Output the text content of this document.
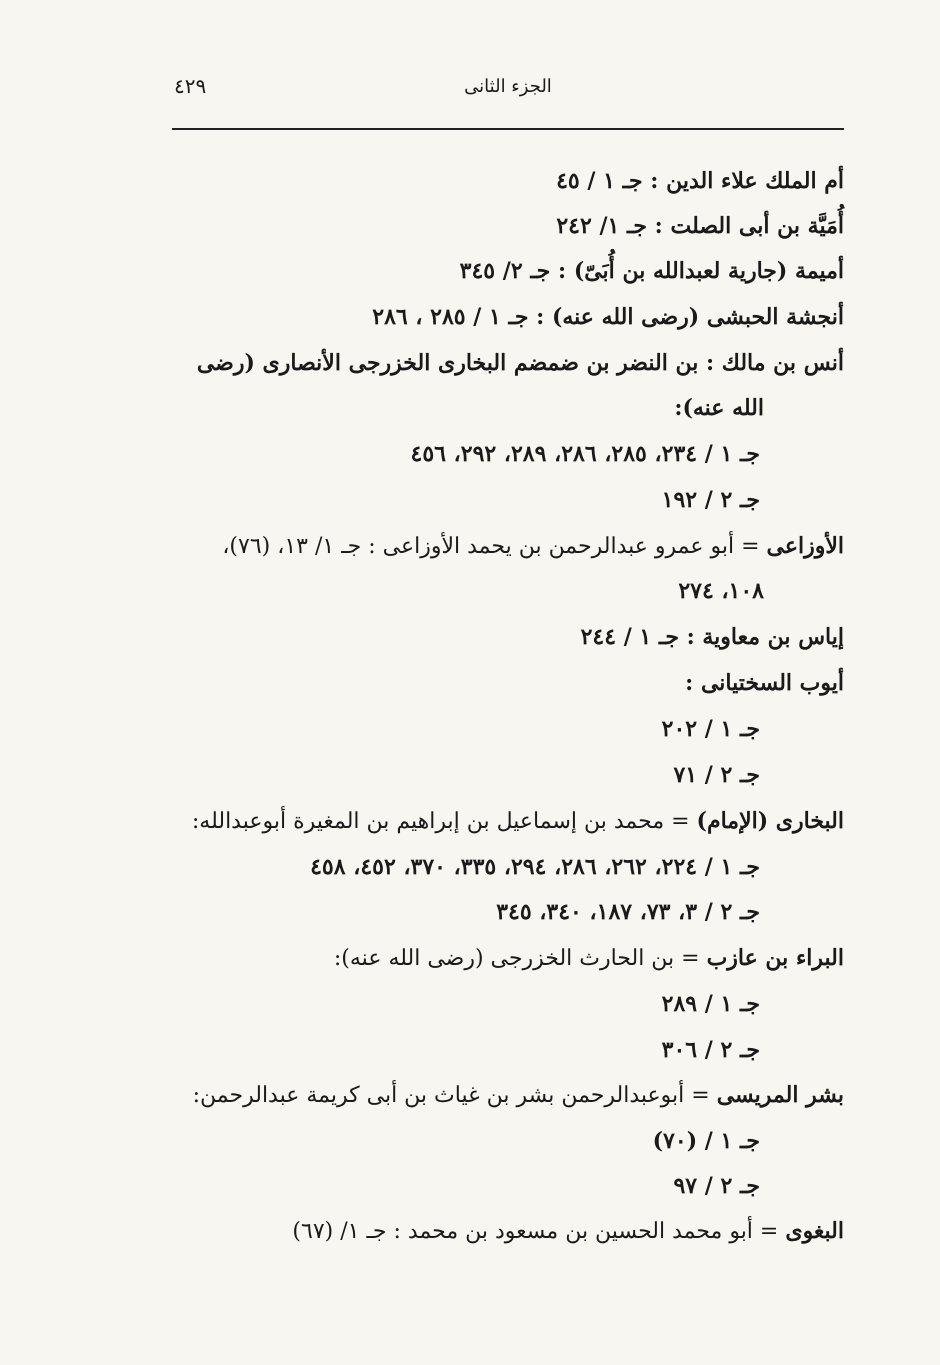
٤٢٩	الجزء الثانى
أم الملك علاء الدين : جـ ١ / ٤٥
أُمَيَّة بن أبى الصلت : جـ ١/ ٢٤٢
أميمة (جارية لعبدالله بن أُبَىّ) : جـ ٢/ ٣٤٥
أنجشة الحبشى (رضى الله عنه) : جـ ١ / ٢٨٥ ، ٢٨٦
أنس بن مالك : بن النضر بن ضمضم البخارى الخزرجى الأنصارى (رضى
الله عنه):
جـ ١ / ٢٣٤، ٢٨٥، ٢٨٦، ٢٨٩، ٢٩٢، ٤٥٦
جـ ٢ / ١٩٢
الأوزاعى = أبو عمرو عبدالرحمن بن يحمد الأوزاعى : جـ ١/ ١٣، (٧٦)،
١٠٨، ٢٧٤
إياس بن معاوية : جـ ١ / ٢٤٤
أيوب السختيانى :
جـ ١ / ٢٠٢
جـ ٢ / ٧١
البخارى (الإمام) = محمد بن إسماعيل بن إبراهيم بن المغيرة أبوعبدالله:
جـ ١ / ٢٢٤، ٢٦٢، ٢٨٦، ٢٩٤، ٣٣٥، ٣٧٠، ٤٥٢، ٤٥٨
جـ ٢ / ٣، ٧٣، ١٨٧، ٣٤٠، ٣٤٥
البراء بن عازب = بن الحارث الخزرجى (رضى الله عنه):
جـ ١ / ٢٨٩
جـ ٢ / ٣٠٦
بشر المريسى = أبوعبدالرحمن بشر بن غياث بن أبى كريمة عبدالرحمن:
جـ ١ / (٧٠)
جـ ٢ / ٩٧
البغوى = أبو محمد الحسين بن مسعود بن محمد : جـ ١/ (٦٧)
